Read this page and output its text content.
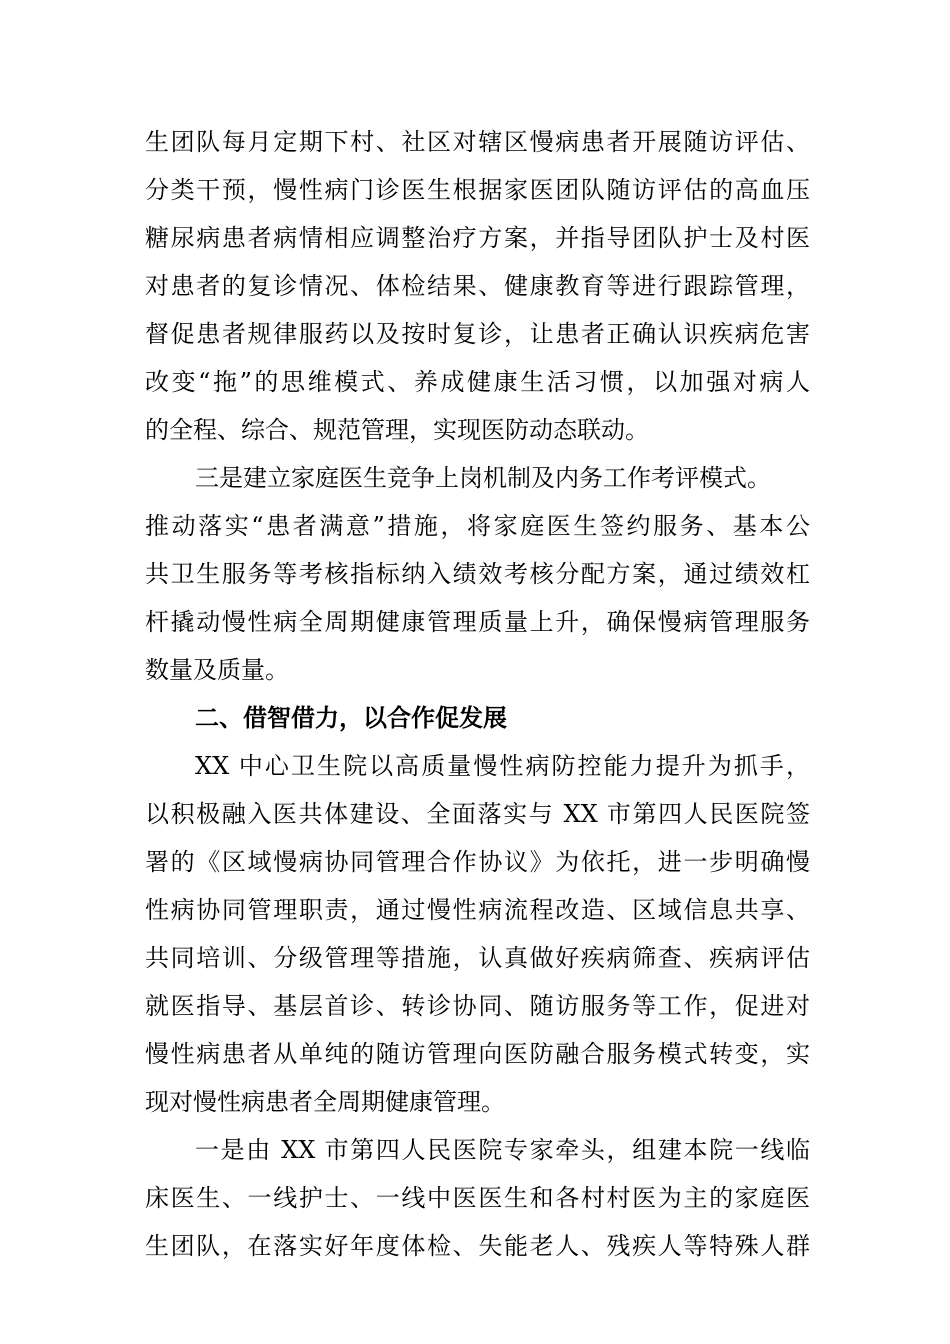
生团队每月定期下村、社区对辖区慢病患者开展随访评估、
分类干预，慢性病门诊医生根据家医团队随访评估的高血压
糖尿病患者病情相应调整治疗方案，并指导团队护士及村医
对患者的复诊情况、体检结果、健康教育等进行跟踪管理，
督促患者规律服药以及按时复诊，让患者正确认识疾病危害
改变“拖”的思维模式、养成健康生活习惯，以加强对病人
的全程、综合、规范管理，实现医防动态联动。
三是建立家庭医生竞争上岗机制及内务工作考评模式。
推动落实“患者满意”措施，将家庭医生签约服务、基本公
共卫生服务等考核指标纳入绩效考核分配方案，通过绩效杠
杆撬动慢性病全周期健康管理质量上升，确保慢病管理服务
数量及质量。
二、借智借力，以合作促发展
XX 中心卫生院以高质量慢性病防控能力提升为抓手，
以积极融入医共体建设、全面落实与 XX 市第四人民医院签
署的《区域慢病协同管理合作协议》为依托，进一步明确慢
性病协同管理职责，通过慢性病流程改造、区域信息共享、
共同培训、分级管理等措施，认真做好疾病筛查、疾病评估
就医指导、基层首诊、转诊协同、随访服务等工作，促进对
慢性病患者从单纯的随访管理向医防融合服务模式转变，实
现对慢性病患者全周期健康管理。
一是由 XX 市第四人民医院专家牵头，组建本院一线临
床医生、一线护士、一线中医医生和各村村医为主的家庭医
生团队，在落实好年度体检、失能老人、残疾人等特殊人群
